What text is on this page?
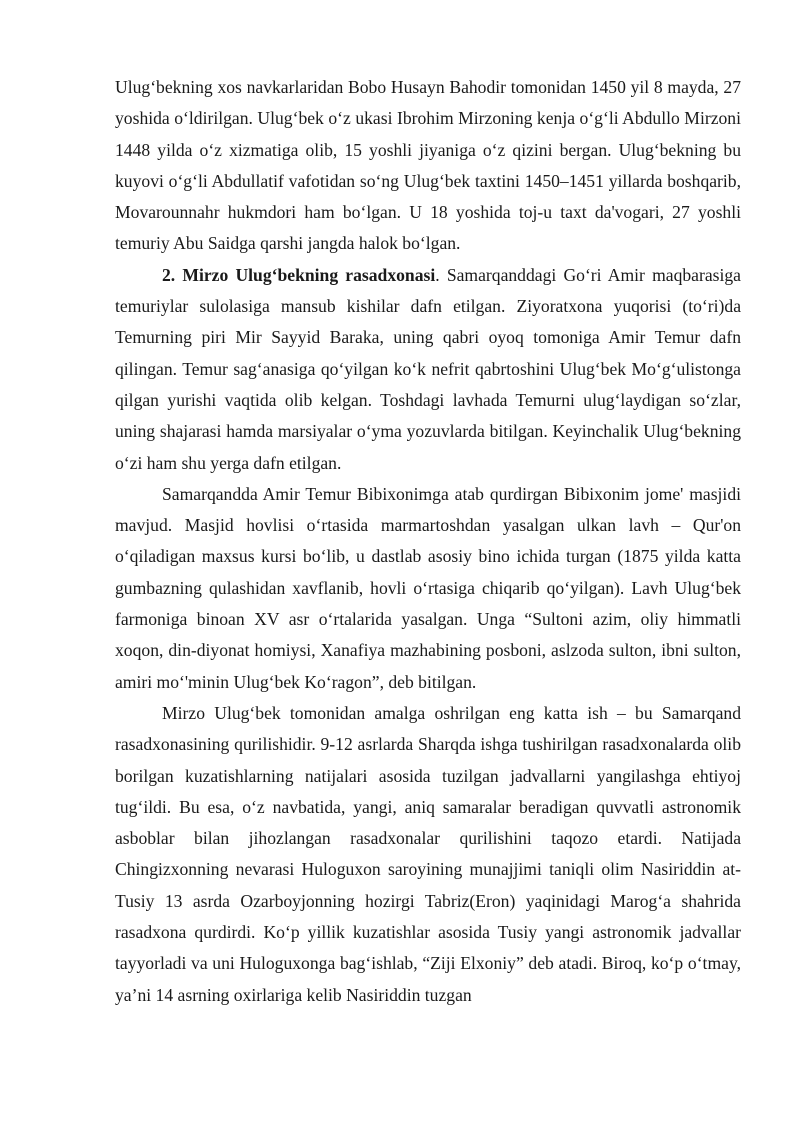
Ulug‘bekning xos navkarlaridan Bobo Husayn Bahodir tomonidan 1450 yil 8 mayda, 27 yoshida o‘ldirilgan. Ulug‘bek o‘z ukasi Ibrohim Mirzoning kenja o‘g‘li Abdullo Mirzoni 1448 yilda o‘z xizmatiga olib, 15 yoshli jiyaniga o‘z qizini bergan. Ulug‘bekning bu kuyovi o‘g‘li Abdullatif vafotidan so‘ng Ulug‘bek taxtini 1450–1451 yillarda boshqarib, Movarounnahr hukmdori ham bo‘lgan. U 18 yoshida toj-u taxt da'vogari, 27 yoshli temuriy Abu Saidga qarshi jangda halok bo‘lgan.

2. Mirzo Ulug‘bekning rasadxonasi. Samarqanddagi Go‘ri Amir maqbarasiga temuriylar sulolasiga mansub kishilar dafn etilgan. Ziyoratxona yuqorisi (to‘ri)da Temurning piri Mir Sayyid Baraka, uning qabri oyoq tomoniga Amir Temur dafn qilingan. Temur sag‘anasiga qo‘yilgan ko‘k nefrit qabrtoshini Ulug‘bek Mo‘g‘ulistonga qilgan yurishi vaqtida olib kelgan. Toshdagi lavhada Temurni ulug‘laydigan so‘zlar, uning shajarasi hamda marsiyalar o‘yma yozuvlarda bitilgan. Keyinchalik Ulug‘bekning o‘zi ham shu yerga dafn etilgan.

Samarqandda Amir Temur Bibixonimga atab qurdirgan Bibixonim jome' masjidi mavjud. Masjid hovlisi o‘rtasida marmartoshdan yasalgan ulkan lavh – Qur'on o‘qiladigan maxsus kursi bo‘lib, u dastlab asosiy bino ichida turgan (1875 yilda katta gumbazning qulashidan xavflanib, hovli o‘rtasiga chiqarib qo‘yilgan). Lavh Ulug‘bek farmoniga binoan XV asr o‘rtalarida yasalgan. Unga “Sultoni azim, oliy himmatli xoqon, din-diyonat homiysi, Xanafiya mazhabining posboni, aslzoda sulton, ibni sulton, amiri mo‘'minin Ulug‘bek Ko‘ragon”, deb bitilgan.

Mirzo Ulug‘bek tomonidan amalga oshrilgan eng katta ish – bu Samarqand rasadxonasining qurilishidir. 9-12 asrlarda Sharqda ishga tushirilgan rasadxonalarda olib borilgan kuzatishlarning natijalari asosida tuzilgan jadvallarni yangilashga ehtiyoj tug‘ildi. Bu esa, o‘z navbatida, yangi, aniq samaralar beradigan quvvatli astronomik asboblar bilan jihozlangan rasadxonalar qurilishini taqozo etardi. Natijada Chingizxonning nevarasi Huloguxon saroyining munajjimi taniqli olim Nasiriddin at-Tusiy 13 asrda Ozarboyjonning hozirgi Tabriz(Eron) yaqinidagi Marog‘a shahrida rasadxona qurdirdi. Ko‘p yillik kuzatishlar asosida Tusiy yangi astronomik jadvallar tayyorladi va uni Huloguxonga bag‘ishlab, “Ziji Elxoniy” deb atadi. Biroq, ko‘p o‘tmay, ya’ni 14 asrning oxirlariga kelib Nasiriddin tuzgan
